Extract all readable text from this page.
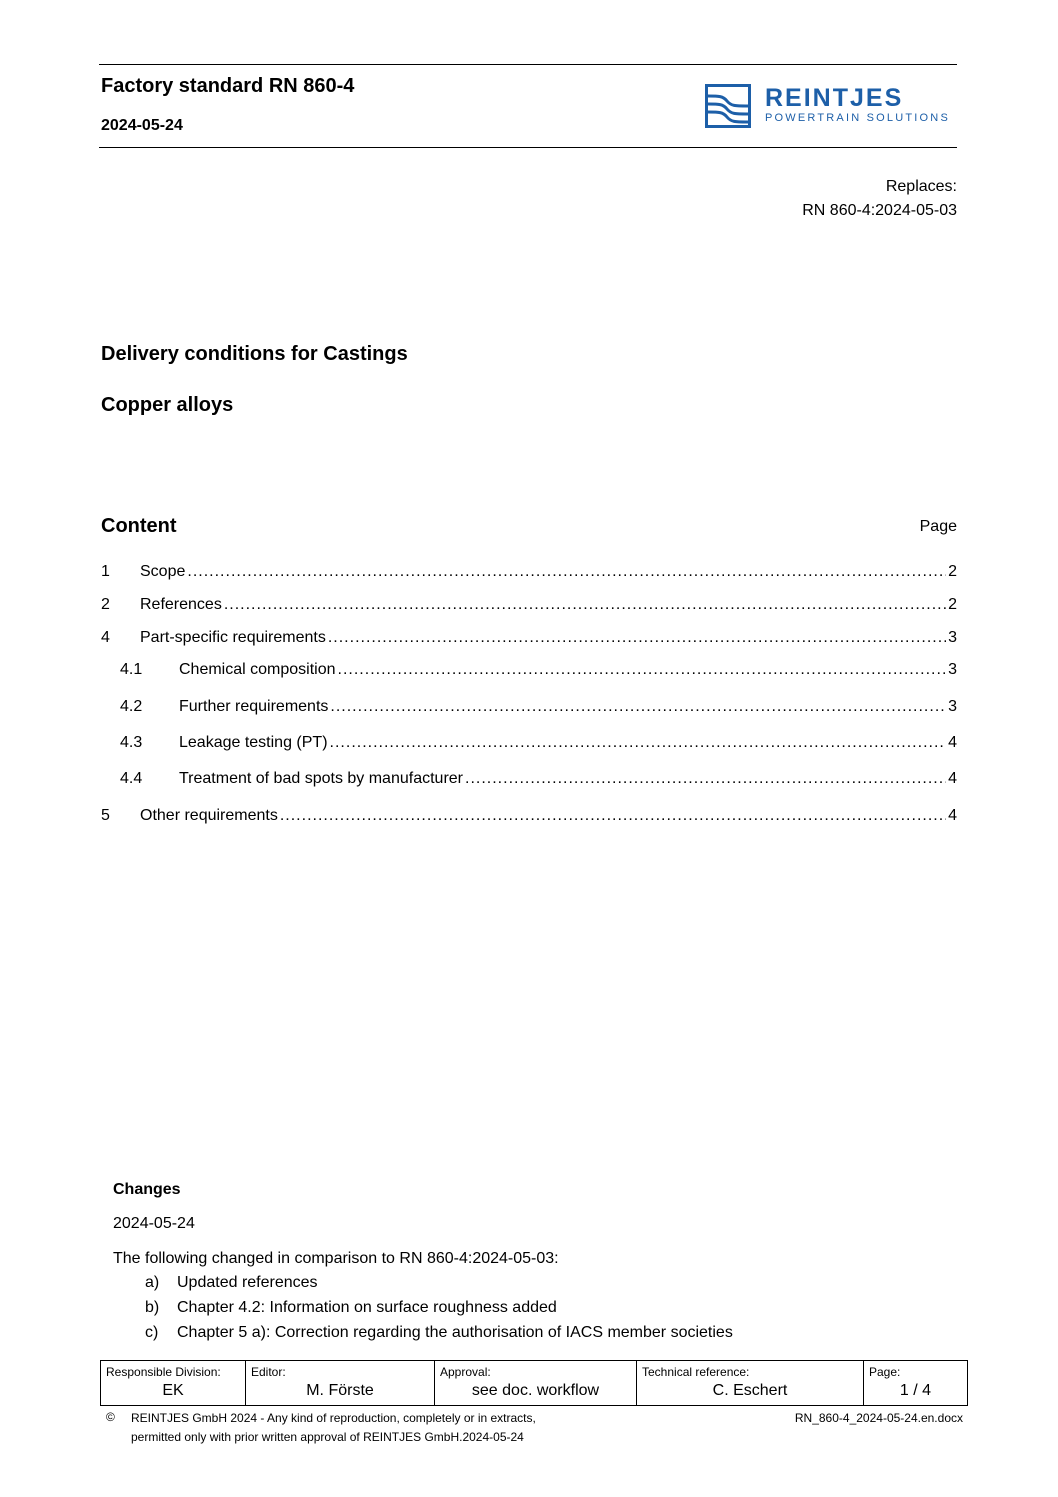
Factory standard RN 860-4
2024-05-24
REINTJES
POWERTRAIN SOLUTIONS
Replaces:
RN 860-4:2024-05-03
Delivery conditions for Castings
Copper alloys
Content	Page
1	Scope .....	2
2	References .....	2
4	Part-specific requirements .....	3
4.1	Chemical composition .....	3
4.2	Further requirements .....	3
4.3	Leakage testing (PT) .....	4
4.4	Treatment of bad spots by manufacturer .....	4
5	Other requirements .....	4
Changes
2024-05-24
The following changed in comparison to RN 860-4:2024-05-03:
a) Updated references
b) Chapter 4.2: Information on surface roughness added
c) Chapter 5 a): Correction regarding the authorisation of IACS member societies
Responsible Division:
EK
Editor:
M. Förste
Approval:
see doc. workflow
Technical reference:
C. Eschert
Page:
1 / 4
© REINTJES GmbH 2024 - Any kind of reproduction, completely or in extracts,
permitted only with prior written approval of REINTJES GmbH.2024-05-24
RN_860-4_2024-05-24.en.docx
